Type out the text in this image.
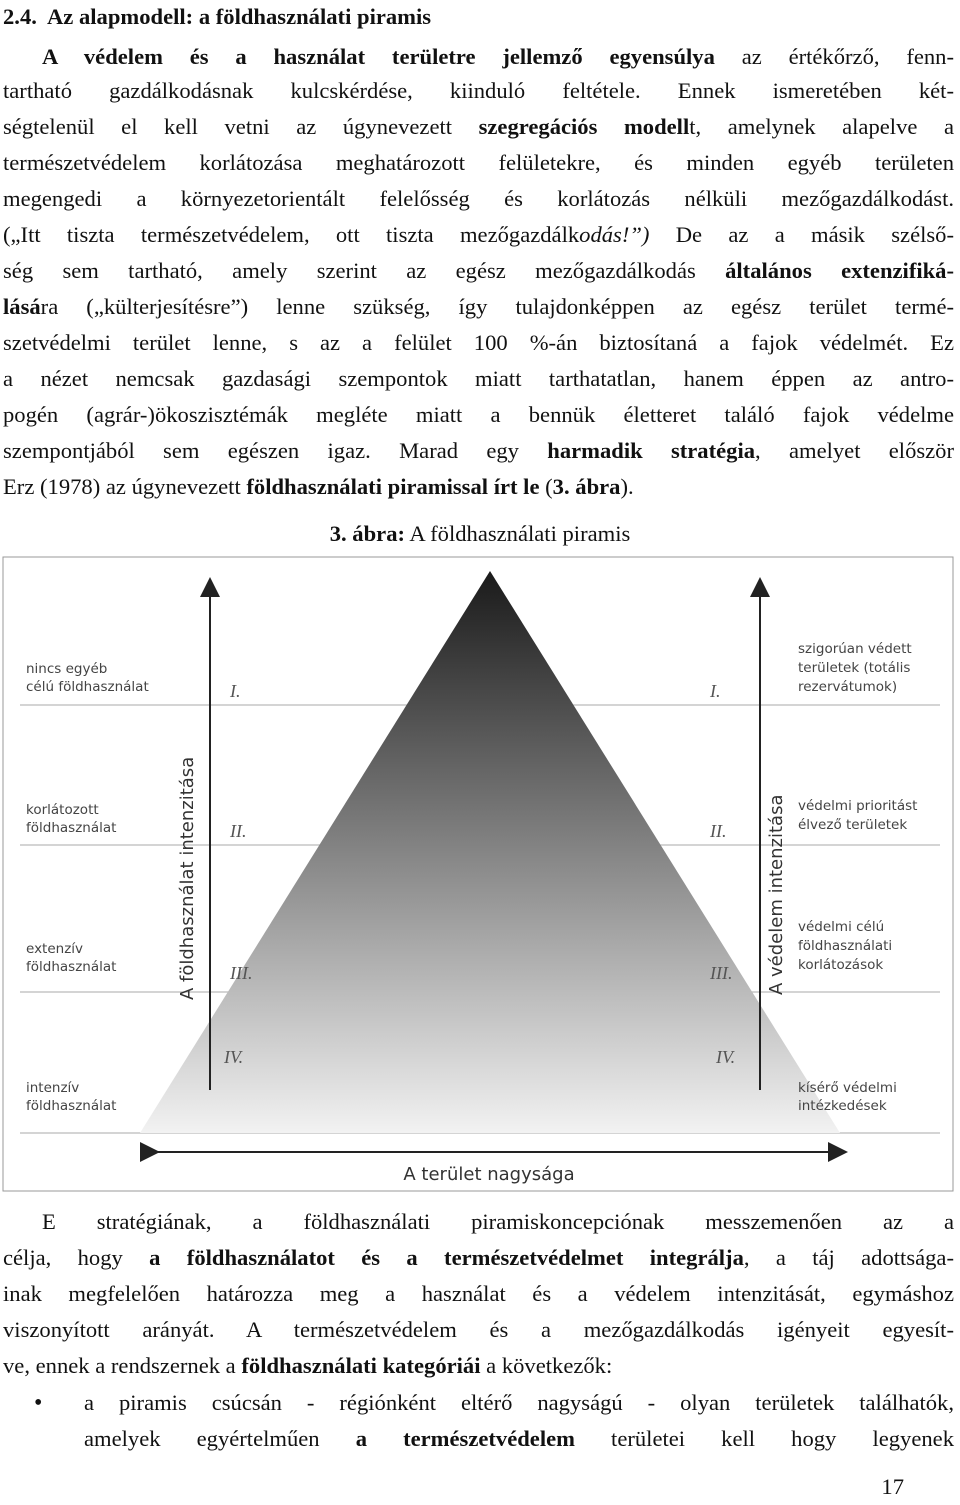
2.4. Az alapmodell: a földhasználati piramis
A védelem és a használat területre jellemző egyensúlya az értékőrző, fenn-
tartható gazdálkodásnak kulcskérdése, kiinduló feltétele. Ennek ismeretében két-
ségtelenül el kell vetni az úgynevezett szegregációs modellt, amelynek alapelve a
természetvédelem korlátozása meghatározott felületekre, és minden egyéb területen
megengedi a környezetorientált felelősség és korlátozás nélküli mezőgazdálkodást.
(„Itt tiszta természetvédelem, ott tiszta mezőgazdálkodás!”) De az a másik szélső-
ség sem tartható, amely szerint az egész mezőgazdálkodás általános extenzifiká-
lására („külterjesítésre”) lenne szükség, így tulajdonképpen az egész terület termé-
szetvédelmi terület lenne, s az a felület 100 %-án biztosítaná a fajok védelmét. Ez
a nézet nemcsak gazdasági szempontok miatt tarthatatlan, hanem éppen az antro-
pogén (agrár-)ökoszisztémák megléte miatt a bennük életteret találó fajok védelme
szempontjából sem egészen igaz. Marad egy harmadik stratégia, amelyet először
Erz (1978) az úgynevezett földhasználati piramissal írt le (3. ábra).
3. ábra: A földhasználati piramis
A földhasználat intenzitása	A védelem intenzitása
A terület nagysága
I.
II.
III.
IV.
I.
II.
III.
IV.
nincs egyéb
célú földhasználat
korlátozott
földhasználat
extenzív
földhasználat
intenzív
földhasználat
szigorúan védett
területek (totális
rezervátumok)
védelmi prioritást
élvező területek
védelmi célú
földhasználati
korlátozások
kísérő védelmi
intézkedések
E stratégiának, a földhasználati piramiskoncepciónak messzemenően az a
célja, hogy a földhasználatot és a természetvédelmet integrálja, a táj adottsága-
inak megfelelően határozza meg a használat és a védelem intenzitását, egymáshoz
viszonyított arányát. A természetvédelem és a mezőgazdálkodás igényeit egyesít-
ve, ennek a rendszernek a földhasználati kategóriái a következők:
• a piramis csúcsán - régiónként eltérő nagyságú - olyan területek találhatók,
amelyek egyértelműen a természetvédelem területei kell hogy legyenek
17
